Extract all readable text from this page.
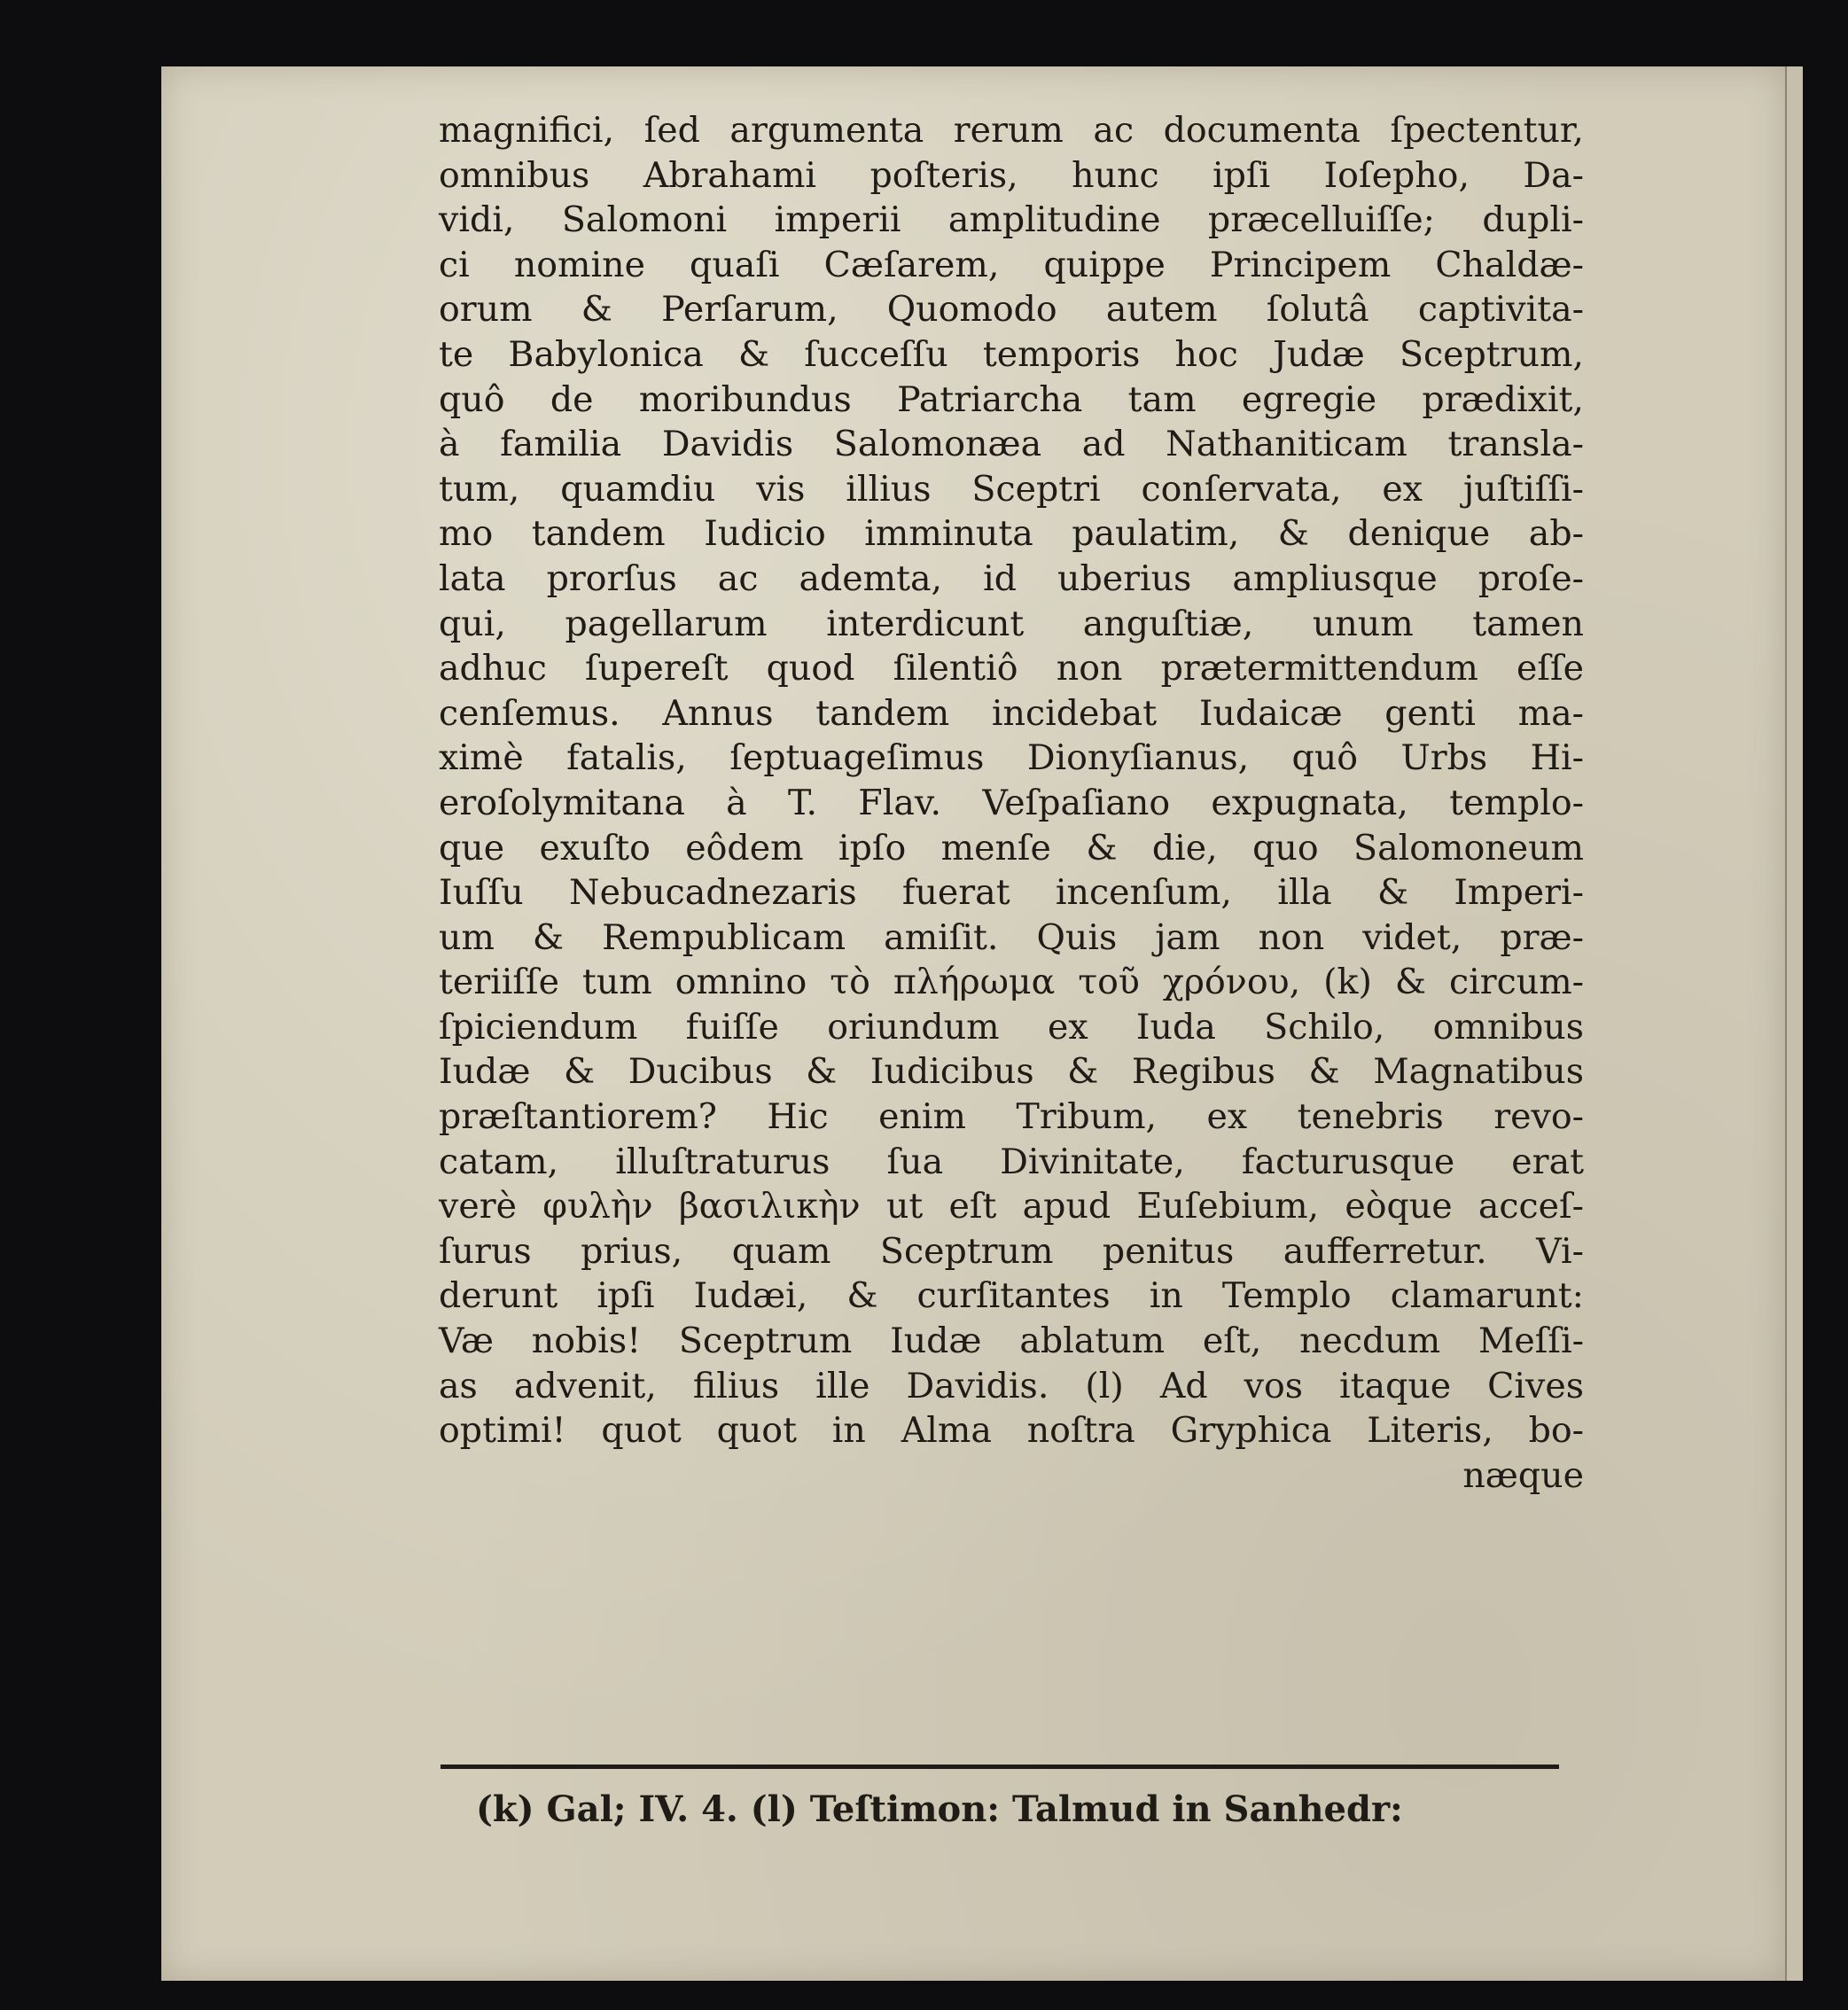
magnifici, ſed argumenta rerum ac documenta ſpectentur,
omnibus Abrahami poſteris, hunc ipſi Ioſepho, Da-
vidi, Salomoni imperii amplitudine præcelluiſſe; dupli-
ci nomine quaſi Cæſarem, quippe Principem Chaldæ-
orum & Perſarum, Quomodo autem ſolutâ captivita-
te Babylonica & ſucceſſu temporis hoc Judæ Sceptrum,
quô de moribundus Patriarcha tam egregie prædixit,
à familia Davidis Salomonæa ad Nathaniticam transla-
tum, quamdiu vis illius Sceptri conſervata, ex juſtiſſi-
mo tandem Iudicio imminuta paulatim, & denique ab-
lata prorſus ac ademta, id uberius ampliusque proſe-
qui, pagellarum interdicunt anguſtiæ, unum tamen
adhuc ſupereſt quod ſilentiô non prætermittendum eſſe
cenſemus. Annus tandem incidebat Iudaicæ genti ma-
ximè fatalis, ſeptuageſimus Dionyſianus, quô Urbs Hi-
eroſolymitana à T. Flav. Veſpaſiano expugnata, templo-
que exuſto eôdem ipſo menſe & die, quo Salomoneum
Iuſſu Nebucadnezaris fuerat incenſum, illa & Imperi-
um & Rempublicam amiſit. Quis jam non videt, præ-
teriiſſe tum omnino τὸ πλήρωμα τοῦ χρόνου, (k) & circum-
ſpiciendum fuiſſe oriundum ex Iuda Schilo, omnibus
Iudæ & Ducibus & Iudicibus & Regibus & Magnatibus
præſtantiorem? Hic enim Tribum, ex tenebris revo-
catam, illuſtraturus ſua Divinitate, facturusque erat
verè φυλὴν βασιλικὴν ut eſt apud Euſebium, eòque acceſ-
ſurus prius, quam Sceptrum penitus aufferretur. Vi-
derunt ipſi Iudæi, & curſitantes in Templo clamarunt:
Væ nobis! Sceptrum Iudæ ablatum eſt, necdum Meſſi-
as advenit, filius ille Davidis. (l) Ad vos itaque Cives
optimi! quot quot in Alma noſtra Gryphica Literis, bo-
næque
(k) Gal; IV. 4. (l) Teſtimon: Talmud in Sanhedr:
